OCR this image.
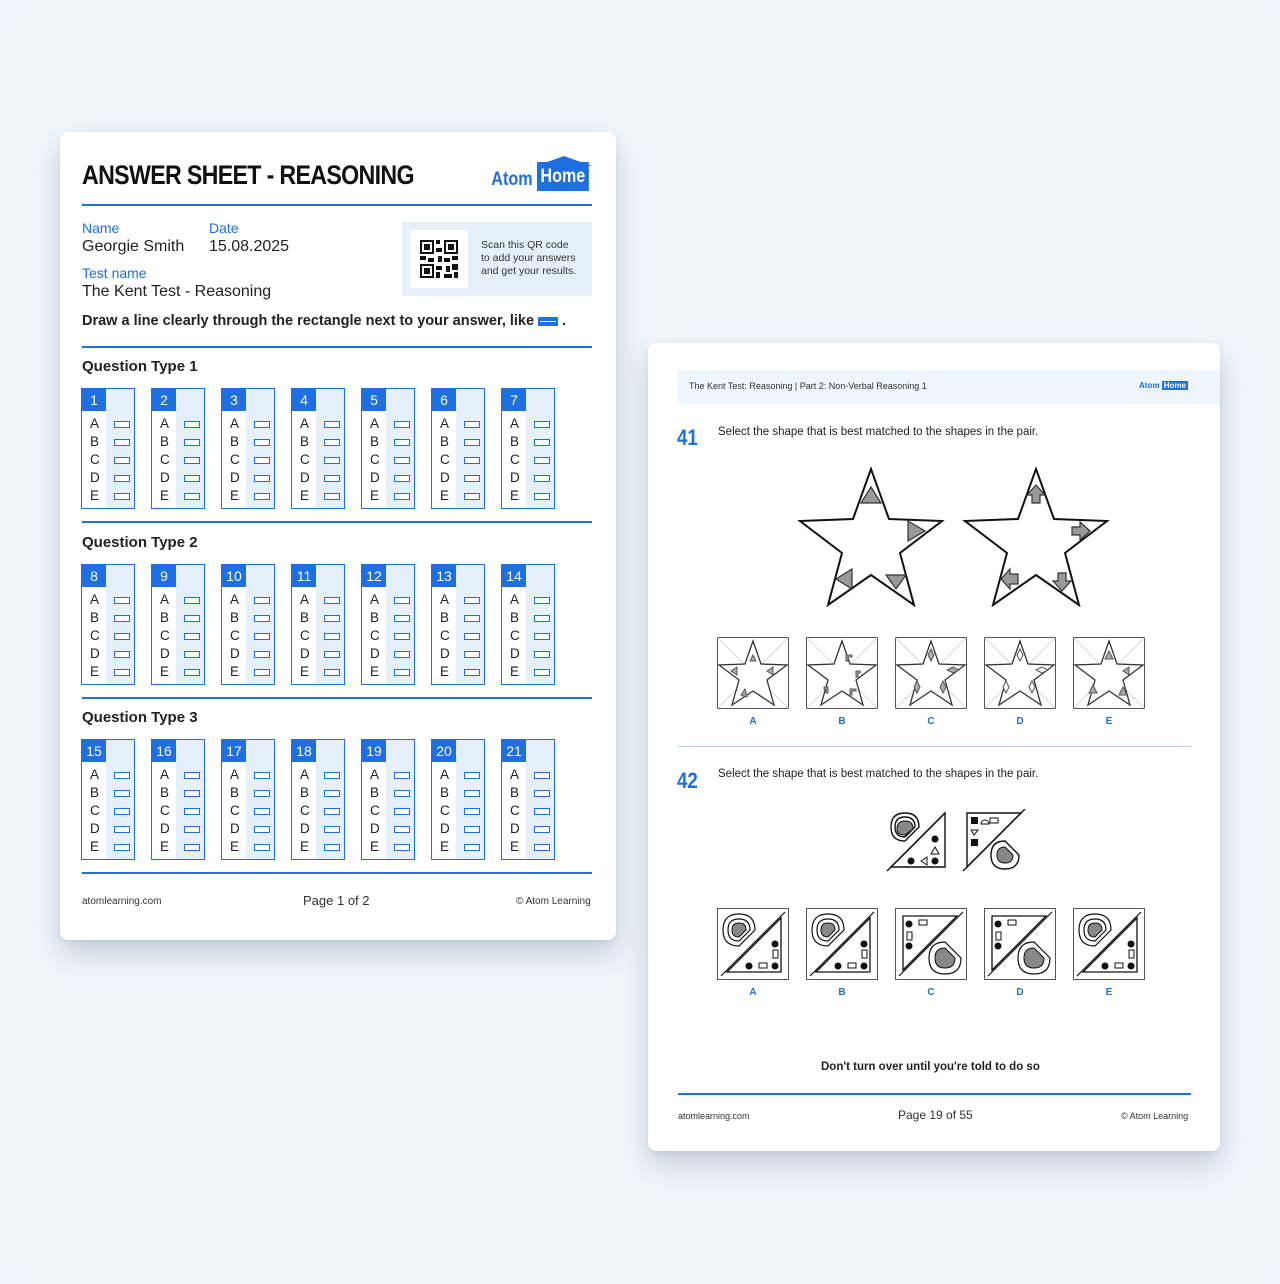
ANSWER SHEET - REASONING	Atom Home
Name
Georgie Smith
Date
15.08.2025
Test name
The Kent Test - Reasoning
Scan this QR code
to add your answers
and get your results.
Draw a line clearly through the rectangle next to your answer, like .
Question Type 1
1
A
B
C
D
E
2
A
B
C
D
E
3
A
B
C
D
E
4
A
B
C
D
E
5
A
B
C
D
E
6
A
B
C
D
E
7
A
B
C
D
E
Question Type 2
8
A
B
C
D
E
9
A
B
C
D
E
10
A
B
C
D
E
11
A
B
C
D
E
12
A
B
C
D
E
13
A
B
C
D
E
14
A
B
C
D
E
Question Type 3
15
A
B
C
D
E
16
A
B
C
D
E
17
A
B
C
D
E
18
A
B
C
D
E
19
A
B
C
D
E
20
A
B
C
D
E
21
A
B
C
D
E
atomlearning.com	Page 1 of 2	© Atom Learning
The Kent Test: Reasoning | Part 2: Non-Verbal Reasoning 1	Atom Home
41 Select the shape that is best matched to the shapes in the pair.
A	B	C	D	E
42 Select the shape that is best matched to the shapes in the pair.
A	B	C	D	E
Don't turn over until you're told to do so
atomlearning.com	Page 19 of 55	© Atom Learning
